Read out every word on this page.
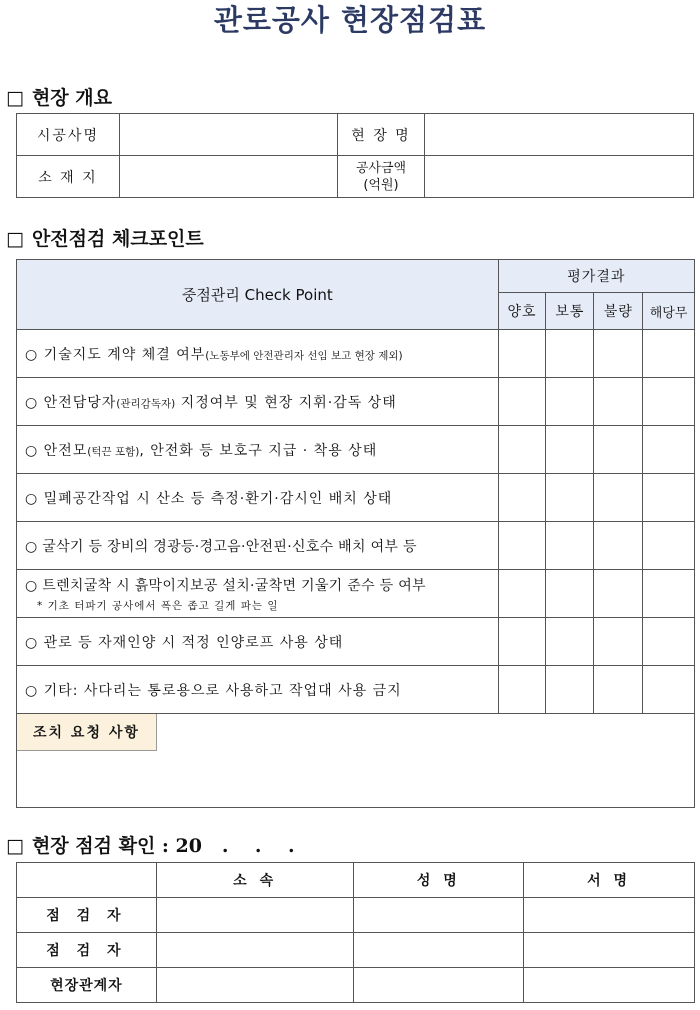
관로공사 현장점검표
□ 현장 개요
시공사명		현 장 명	
소 재 지		공사금액
(억원)	
□ 안전점검 체크포인트
중점관리 Check Point	평가결과			
	양호	보통	불량	해당무
○ 기술지도 계약 체결 여부(노동부에 안전관리자 선임 보고 현장 제외)				
○ 안전담당자(관리감독자) 지정여부 및 현장 지휘·감독 상태				
○ 안전모(턱끈 포함), 안전화 등 보호구 지급 · 착용 상태				
○ 밀폐공간작업 시 산소 등 측정·환기·감시인 배치 상태				
○ 굴삭기 등 장비의 경광등·경고음·안전핀·신호수 배치 여부 등				
○ 트렌치굴착 시 흙막이지보공 설치·굴착면 기울기 준수 등 여부
* 기초 터파기 공사에서 폭은 좁고 길게 파는 일				

○ 관로 등 자재인양 시 적정 인양로프 사용 상태				
○ 기타: 사다리는 통로용으로 사용하고 작업대 사용 금지				
조치 요청 사항				
□ 현장 점검 확인 : 20   .    .    .
	소 속	성 명	서 명
점 검 자			
점 검 자			
현장관계자			
